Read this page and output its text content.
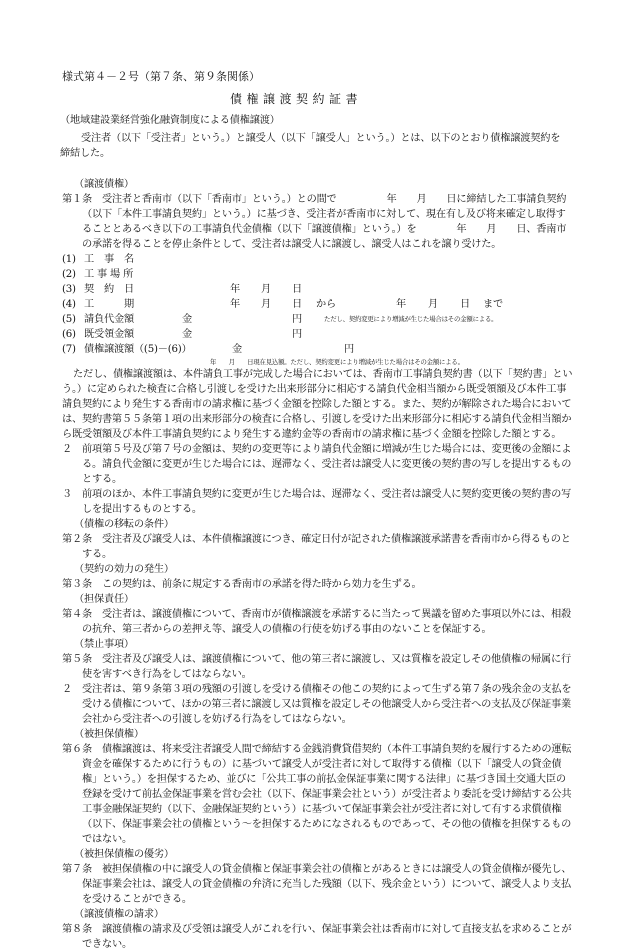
様式第４－２号（第７条、第９条関係）
債権譲渡契約証書
（地域建設業経営強化融資制度による債権譲渡）
受注者（以下「受注者」という。）と譲受人（以下「譲受人」という。）とは、以下のとおり債権譲渡契約を締結した。

（譲渡債権）

第１条　受注者と香南市（以下「香南市」という。）との間で　　　　　年　　月　　日に締結した工事請負契約（以下「本件工事請負契約」という。）に基づき、受注者が香南市に対して、現在有し及び将来確定し取得することとあるべき以下の工事請負代金債権（以下「譲渡債権」という。）を　　　　年　　月　　日、香南市の承諾を得ることを停止条件として、受注者は譲受人に譲渡し、譲受人はこれを譲り受けた。

(1) 工　事　名
(2) 工 事 場 所
(3) 契　約　日	年 月 日
(4) 工　　　期	年 月 日 から	年 月 日 まで
(5) 請負代金額	金	円	ただし、契約変更により増減が生じた場合はその金額による。
(6) 既受領金額	金	円
(7) 債権譲渡額（(5)－(6)）	金	円
年　　月　　日現在見込額。ただし、契約変更により増減が生じた場合はその金額による。

ただし、債権譲渡額は、本件請負工事が完成した場合においては、香南市工事請負契約書（以下「契約書」という。）に定められた検査に合格し引渡しを受けた出来形部分に相応する請負代金相当額から既受領額及び本件工事請負契約により発生する香南市の請求権に基づく金額を控除した額とする。また、契約が解除された場合においては、契約書第５５条第１項の出来形部分の検査に合格し、引渡しを受けた出来形部分に相応する請負代金相当額から既受領額及び本件工事請負契約により発生する違約金等の香南市の請求権に基づく金額を控除した額とする。

２　前項第５号及び第７号の金額は、契約の変更等により請負代金額に増減が生じた場合には、変更後の金額による。請負代金額に変更が生じた場合には、遅滞なく、受注者は譲受人に変更後の契約書の写しを提出するものとする。

３　前項のほか、本件工事請負契約に変更が生じた場合は、遅滞なく、受注者は譲受人に契約変更後の契約書の写しを提出するものとする。

（債権の移転の条件）

第２条　受注者及び譲受人は、本件債権譲渡につき、確定日付が記された債権譲渡承諾書を香南市から得るものとする。

（契約の効力の発生）

第３条　この契約は、前条に規定する香南市の承諾を得た時から効力を生ずる。

（担保責任）

第４条　受注者は、譲渡債権について、香南市が債権譲渡を承諾するに当たって異議を留めた事項以外には、相殺の抗弁、第三者からの差押え等、譲受人の債権の行使を妨げる事由のないことを保証する。

（禁止事項）

第５条　受注者及び譲受人は、譲渡債権について、他の第三者に譲渡し、又は質権を設定しその他債権の帰属に行使を害すべき行為をしてはならない。

２　受注者は、第９条第３項の残額の引渡しを受ける債権その他この契約によって生ずる第７条の残余金の支払を受ける債権について、ほかの第三者に譲渡し又は質権を設定しその他譲受人から受注者への支払及び保証事業会社から受注者への引渡しを妨げる行為をしてはならない。

（被担保債権）

第６条　債権譲渡は、将来受注者譲受人間で締結する金銭消費貸借契約（本件工事請負契約を履行するための運転資金を確保するために行うもの）に基づいて譲受人が受注者に対して取得する債権（以下「譲受人の貸金債権」という。）を担保するため、並びに「公共工事の前払金保証事業に関する法律」に基づき国土交通大臣の登録を受けて前払金保証事業を営む会社（以下、保証事業会社という）が受注者より委託を受け締結する公共工事金融保証契約（以下、金融保証契約という）に基づいて保証事業会社が受注者に対して有する求償債権（以下、保証事業会社の債権という〜を担保するためになされるものであって、その他の債権を担保するものではない。

（被担保債権の優劣）

第７条　被担保債権の中に譲受人の貸金債権と保証事業会社の債権とがあるときには譲受人の貸金債権が優先し、保証事業会社は、譲受人の貸金債権の弁済に充当した残額（以下、残余金という）について、譲受人より支払を受けることができる。

（譲渡債権の請求）

第８条　譲渡債権の請求及び受領は譲受人がこれを行い、保証事業会社は香南市に対して直接支払を求めることができない。
